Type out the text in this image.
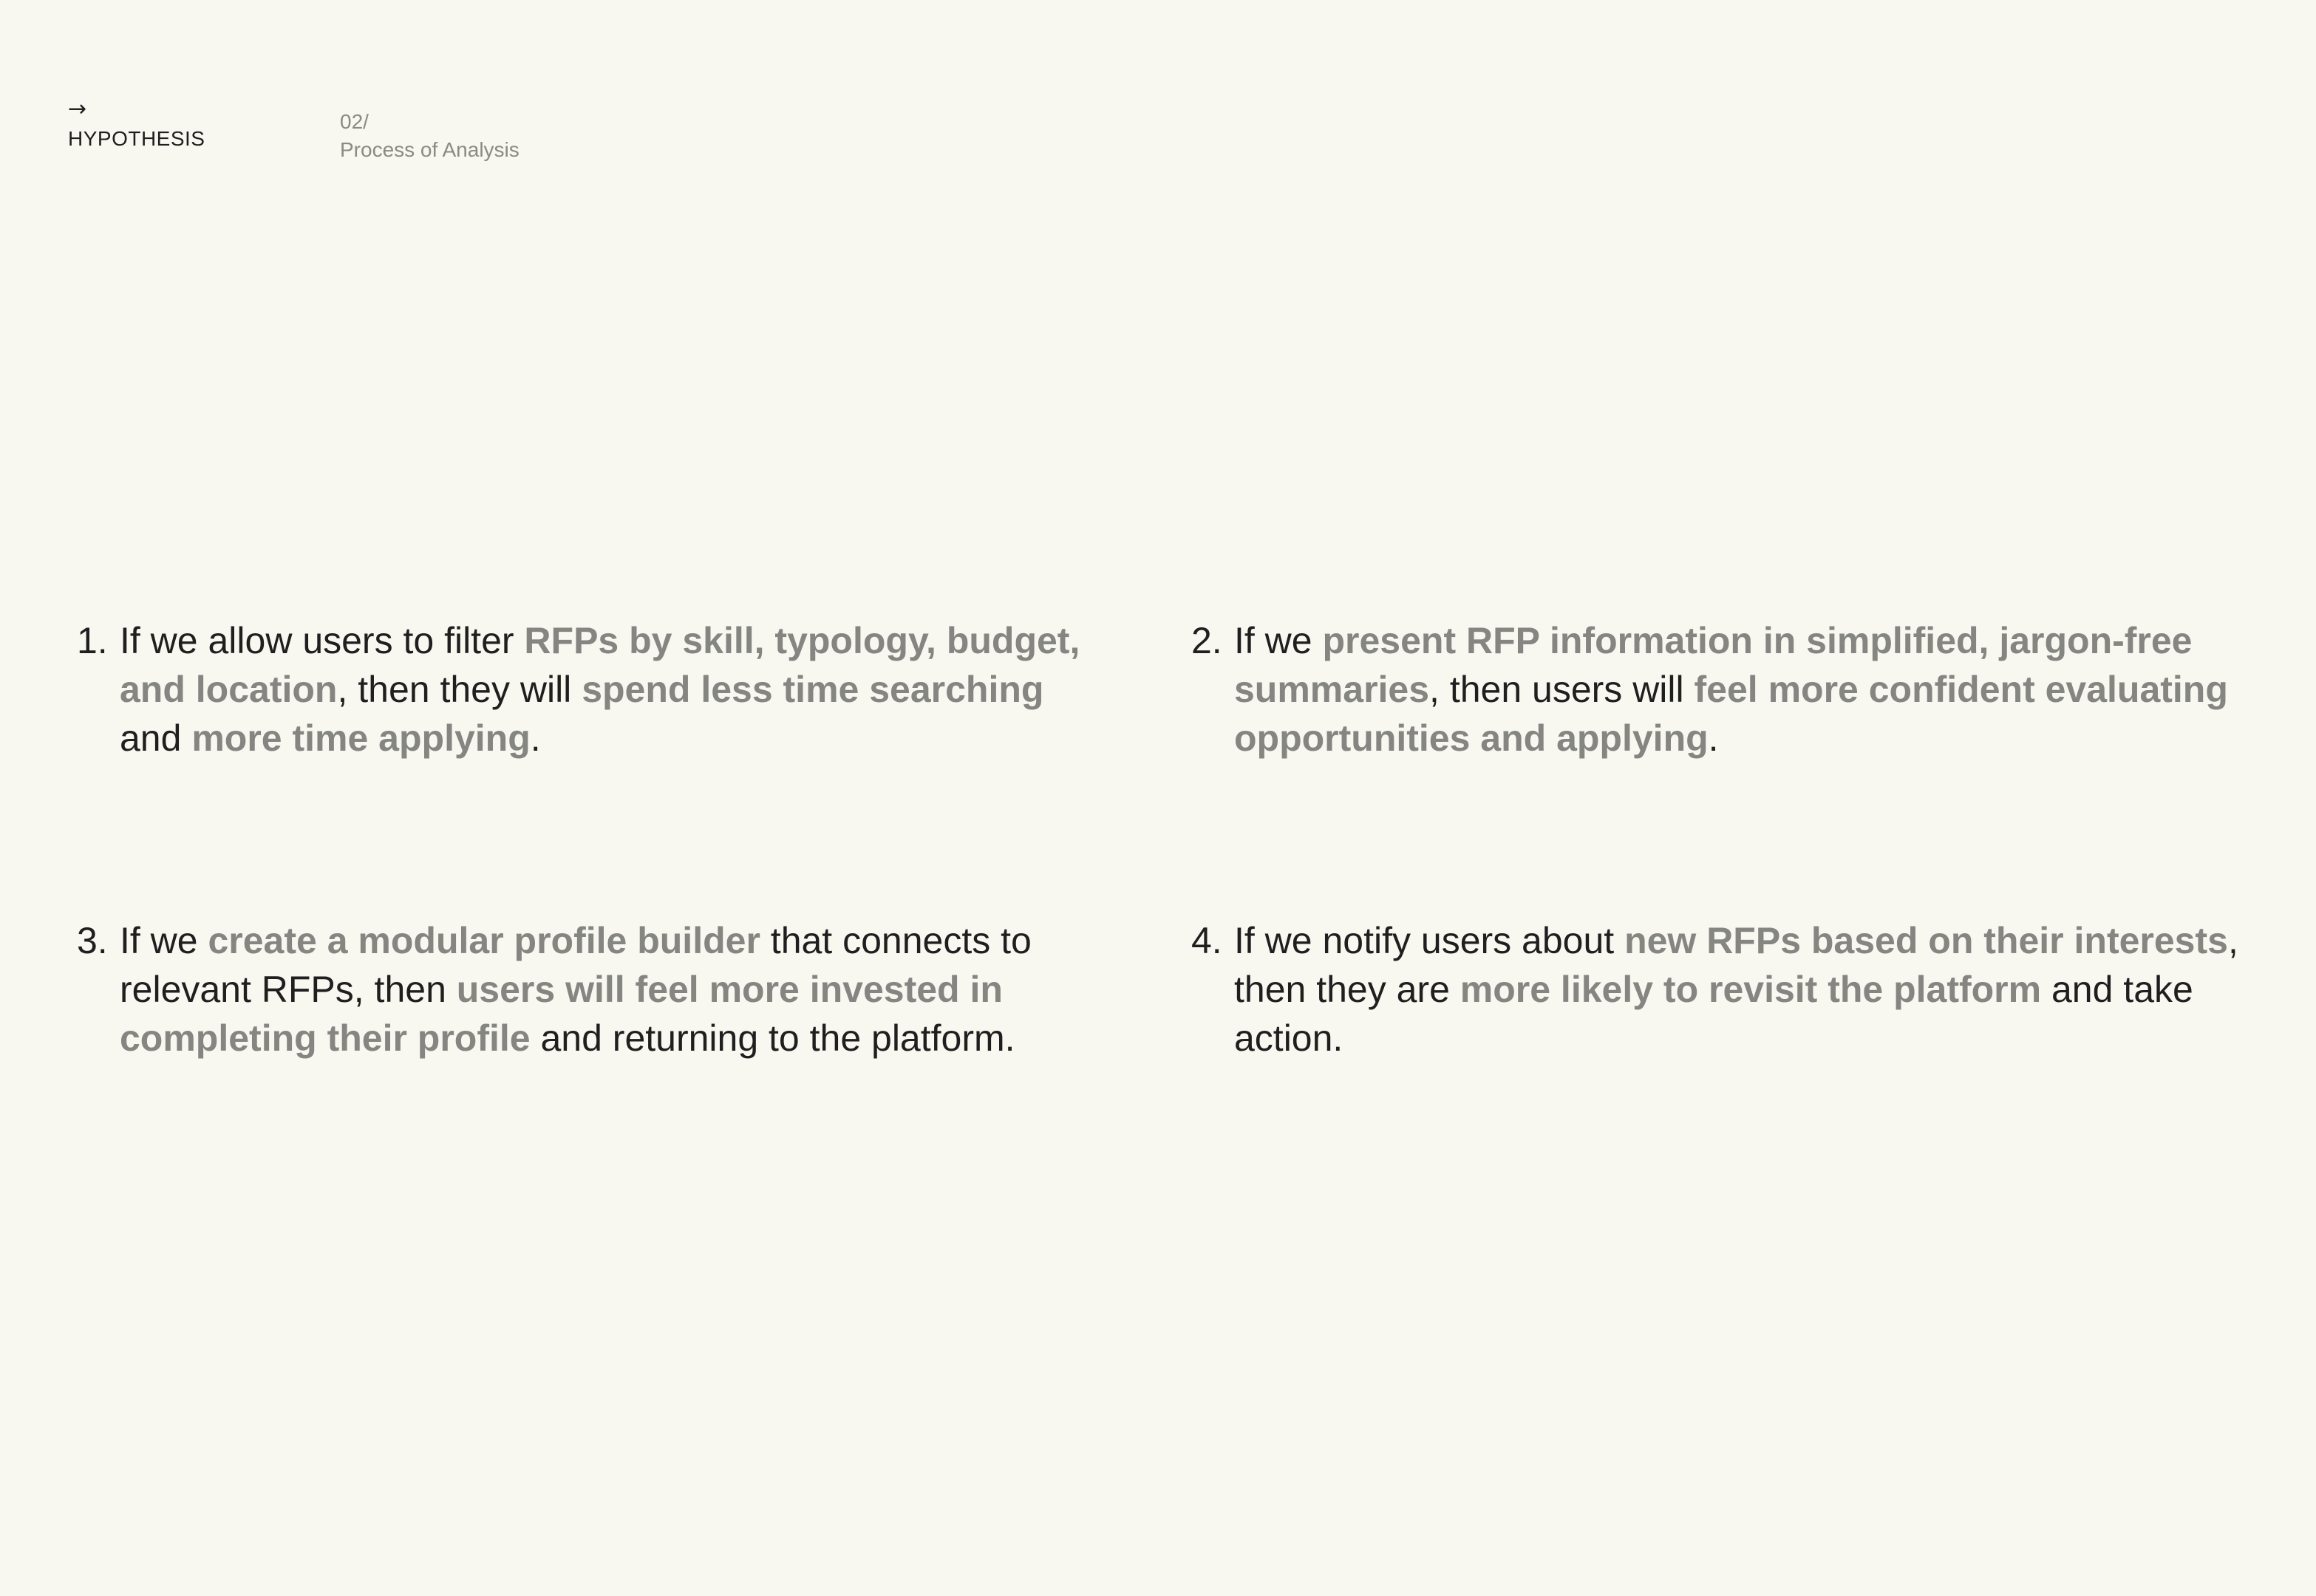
→
HYPOTHESIS
02/
Process of Analysis
1. If we allow users to filter RFPs by skill, typology, budget, and location, then they will spend less time searching and more time applying.
2. If we present RFP information in simplified, jargon-free summaries, then users will feel more confident evaluating opportunities and applying.
3. If we create a modular profile builder that connects to relevant RFPs, then users will feel more invested in completing their profile and returning to the platform.
4. If we notify users about new RFPs based on their interests, then they are more likely to revisit the platform and take action.
